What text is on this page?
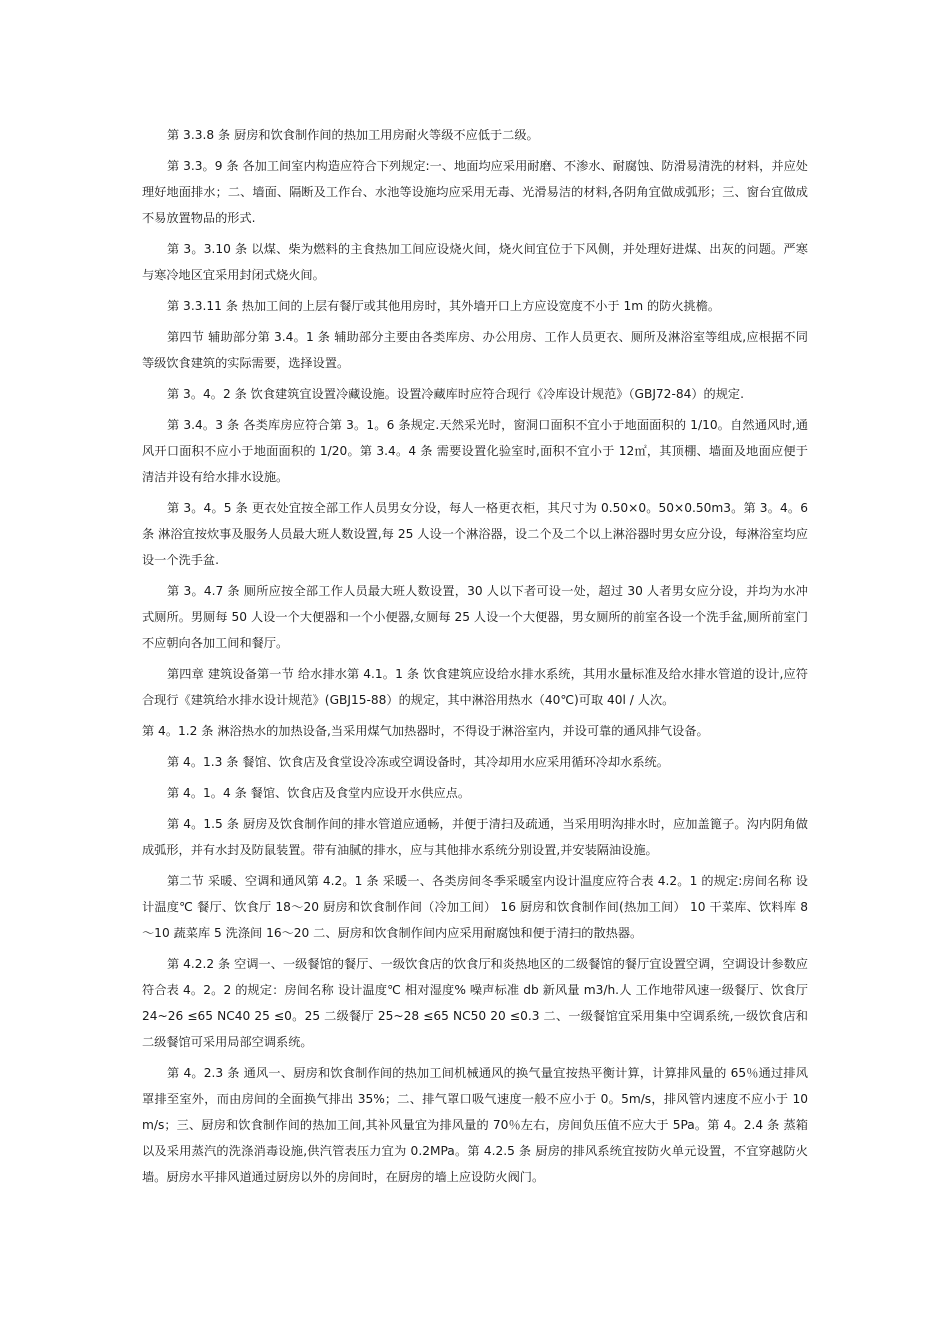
第 3.3.8 条 厨房和饮食制作间的热加工用房耐火等级不应低于二级。

第 3.3。9 条 各加工间室内构造应符合下列规定:一、地面均应采用耐磨、不渗水、耐腐蚀、防滑易清洗的材料，并应处理好地面排水；二、墙面、隔断及工作台、水池等设施均应采用无毒、光滑易洁的材料,各阴角宜做成弧形；三、窗台宜做成不易放置物品的形式.

第 3。3.10 条 以煤、柴为燃料的主食热加工间应设烧火间，烧火间宜位于下风侧，并处理好进煤、出灰的问题。严寒与寒冷地区宜采用封闭式烧火间。

第 3.3.11 条 热加工间的上层有餐厅或其他用房时，其外墙开口上方应设宽度不小于 1m 的防火挑檐。

第四节 辅助部分第 3.4。1 条 辅助部分主要由各类库房、办公用房、工作人员更衣、厕所及淋浴室等组成,应根据不同等级饮食建筑的实际需要，选择设置。

第 3。4。2 条 饮食建筑宜设置冷藏设施。设置冷藏库时应符合现行《冷库设计规范》（GBJ72-84）的规定.

第 3.4。3 条 各类库房应符合第 3。1。6 条规定.天然采光时，窗洞口面积不宜小于地面面积的 1/10。自然通风时,通风开口面积不应小于地面面积的 1/20。第 3.4。4 条 需要设置化验室时,面积不宜小于 12㎡，其顶棚、墙面及地面应便于清洁并设有给水排水设施。

第 3。4。5 条 更衣处宜按全部工作人员男女分设，每人一格更衣柜，其尺寸为 0.50×0。50×0.50m3。第 3。4。6 条 淋浴宜按炊事及服务人员最大班人数设置,每 25 人设一个淋浴器，设二个及二个以上淋浴器时男女应分设，每淋浴室均应设一个洗手盆.

第 3。4.7 条 厕所应按全部工作人员最大班人数设置，30 人以下者可设一处，超过 30 人者男女应分设，并均为水冲式厕所。男厕每 50 人设一个大便器和一个小便器,女厕每 25 人设一个大便器，男女厕所的前室各设一个洗手盆,厕所前室门不应朝向各加工间和餐厅。

第四章 建筑设备第一节 给水排水第 4.1。1 条 饮食建筑应设给水排水系统，其用水量标准及给水排水管道的设计,应符合现行《建筑给水排水设计规范》(GBJ15-88）的规定，其中淋浴用热水（40℃)可取 40l / 人次。

第 4。1.2 条 淋浴热水的加热设备,当采用煤气加热器时，不得设于淋浴室内，并设可靠的通风排气设备。

第 4。1.3 条 餐馆、饮食店及食堂设冷冻或空调设备时，其冷却用水应采用循环冷却水系统。

第 4。1。4 条 餐馆、饮食店及食堂内应设开水供应点。

第 4。1.5 条 厨房及饮食制作间的排水管道应通畅，并便于清扫及疏通，当采用明沟排水时，应加盖篦子。沟内阴角做成弧形，并有水封及防鼠装置。带有油腻的排水，应与其他排水系统分别设置,并安装隔油设施。

第二节 采暖、空调和通风第 4.2。1 条 采暖一、各类房间冬季采暖室内设计温度应符合表 4.2。1 的规定:房间名称 设计温度℃ 餐厅、饮食厅 18～20 厨房和饮食制作间（冷加工间） 16 厨房和饮食制作间(热加工间） 10 干菜库、饮料库 8～10 蔬菜库 5 洗涤间 16～20 二、厨房和饮食制作间内应采用耐腐蚀和便于清扫的散热器。

第 4.2.2 条 空调一、一级餐馆的餐厅、一级饮食店的饮食厅和炎热地区的二级餐馆的餐厅宜设置空调，空调设计参数应符合表 4。2。2 的规定：房间名称 设计温度℃ 相对湿度% 噪声标准 db 新风量 m3/h.人 工作地带风速一级餐厅、饮食厅 24~26 ≤65 NC40 25 ≤0。25 二级餐厅 25~28 ≤65 NC50 20 ≤0.3 二、一级餐馆宜采用集中空调系统,一级饮食店和二级餐馆可采用局部空调系统。

第 4。2.3 条 通风一、厨房和饮食制作间的热加工间机械通风的换气量宜按热平衡计算，计算排风量的 65％通过排风罩排至室外，而由房间的全面换气排出 35%；二、排气罩口吸气速度一般不应小于 0。5m/s，排风管内速度不应小于 10m/s；三、厨房和饮食制作间的热加工间,其补风量宜为排风量的 70％左右，房间负压值不应大于 5Pa。第 4。2.4 条 蒸箱以及采用蒸汽的洗涤消毒设施,供汽管表压力宜为 0.2MPa。第 4.2.5 条 厨房的排风系统宜按防火单元设置，不宜穿越防火墙。厨房水平排风道通过厨房以外的房间时，在厨房的墙上应设防火阀门。
